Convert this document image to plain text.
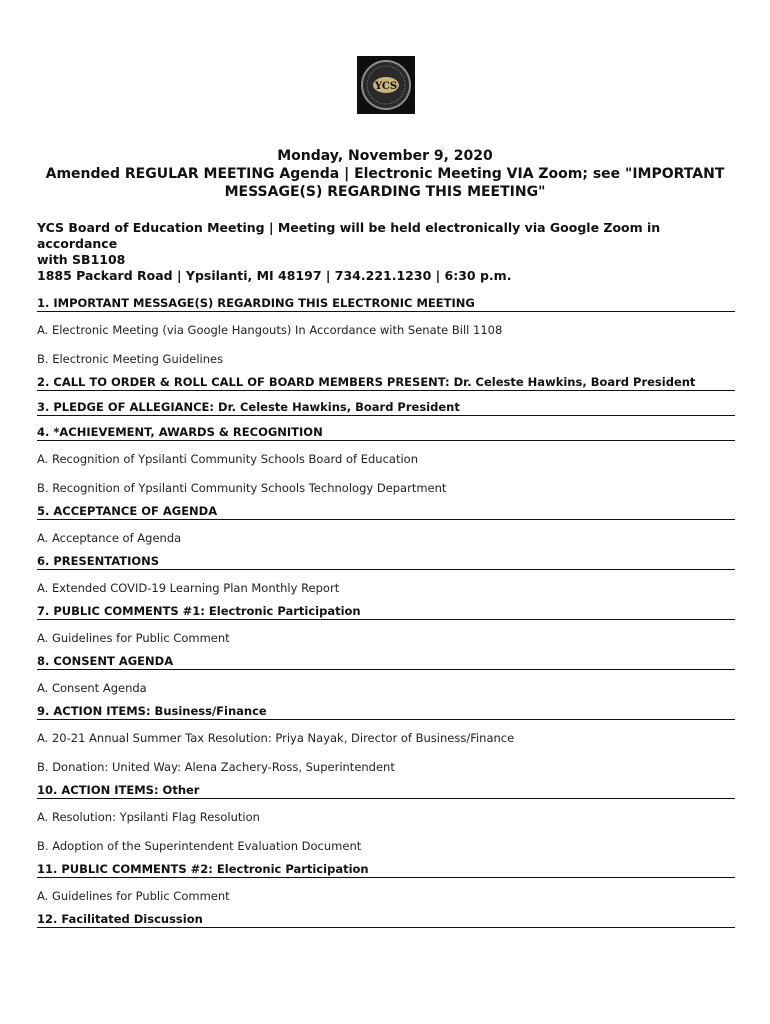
YCS
Monday, November 9, 2020
Amended REGULAR MEETING Agenda | Electronic Meeting VIA Zoom; see "IMPORTANT
MESSAGE(S) REGARDING THIS MEETING"
YCS Board of Education Meeting | Meeting will be held electronically via Google Zoom in accordance
with SB1108
1885 Packard Road | Ypsilanti, MI 48197 | 734.221.1230 | 6:30 p.m.
1. IMPORTANT MESSAGE(S) REGARDING THIS ELECTRONIC MEETING
A. Electronic Meeting (via Google Hangouts) In Accordance with Senate Bill 1108
B. Electronic Meeting Guidelines
2. CALL TO ORDER & ROLL CALL OF BOARD MEMBERS PRESENT: Dr. Celeste Hawkins, Board President
3. PLEDGE OF ALLEGIANCE: Dr. Celeste Hawkins, Board President
4. *ACHIEVEMENT, AWARDS & RECOGNITION
A. Recognition of Ypsilanti Community Schools Board of Education
B. Recognition of Ypsilanti Community Schools Technology Department
5. ACCEPTANCE OF AGENDA
A. Acceptance of Agenda
6. PRESENTATIONS
A. Extended COVID-19 Learning Plan Monthly Report
7. PUBLIC COMMENTS #1: Electronic Participation
A. Guidelines for Public Comment
8. CONSENT AGENDA
A. Consent Agenda
9. ACTION ITEMS: Business/Finance
A. 20-21 Annual Summer Tax Resolution: Priya Nayak, Director of Business/Finance
B. Donation: United Way: Alena Zachery-Ross, Superintendent
10. ACTION ITEMS: Other
A. Resolution: Ypsilanti Flag Resolution
B. Adoption of the Superintendent Evaluation Document
11. PUBLIC COMMENTS #2: Electronic Participation
A. Guidelines for Public Comment
12. Facilitated Discussion
